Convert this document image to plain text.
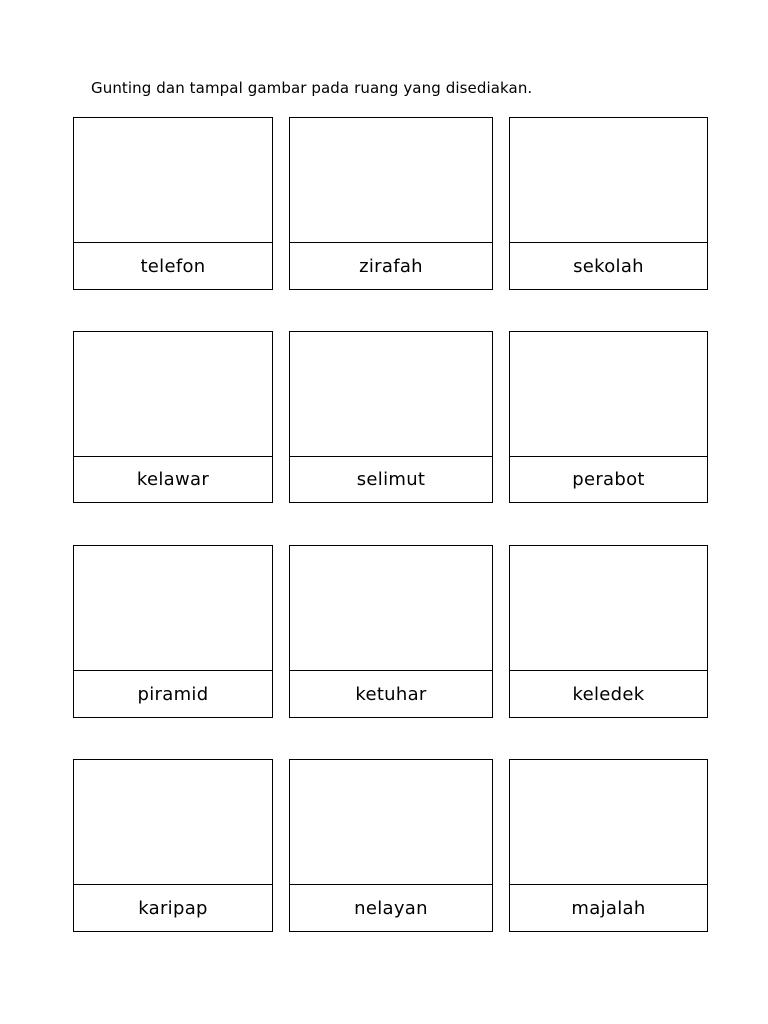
Gunting dan tampal gambar pada ruang yang disediakan.
telefon	zirafah	sekolah
kelawar	selimut	perabot
piramid	ketuhar	keledek
karipap	nelayan	majalah
